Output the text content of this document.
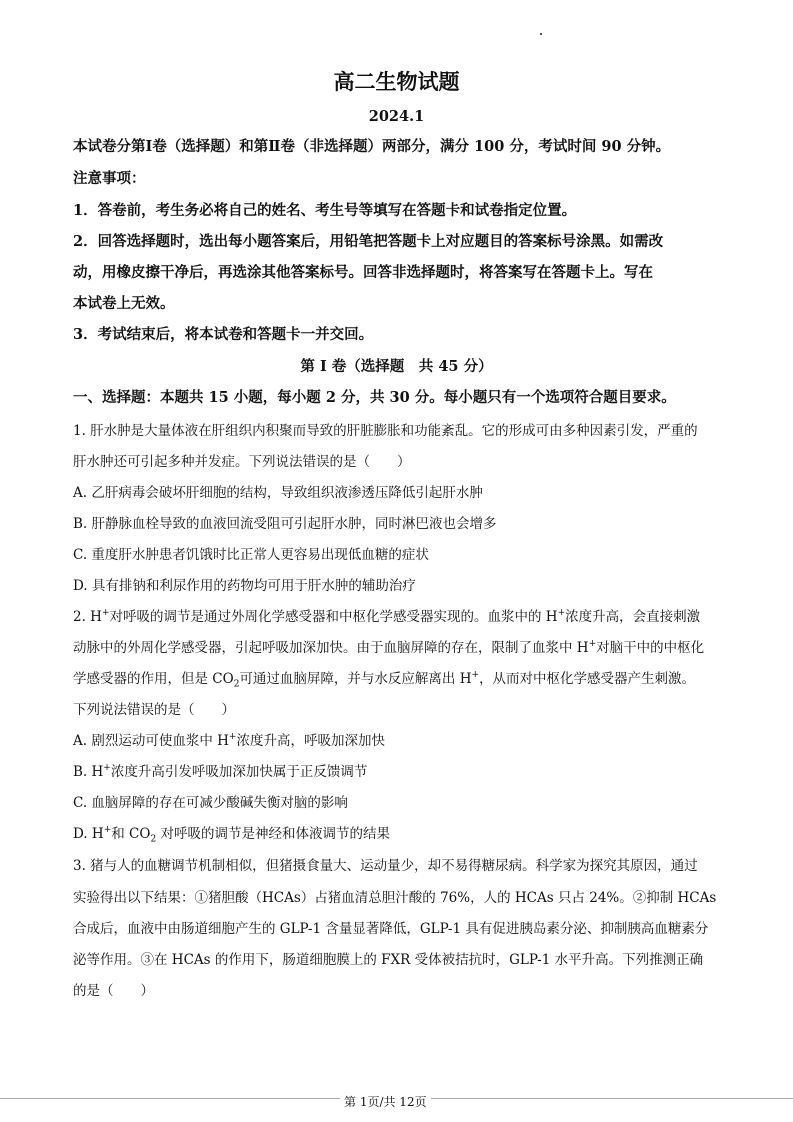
高二生物试题
2024.1
本试卷分第Ⅰ卷（选择题）和第Ⅱ卷（非选择题）两部分，满分 100 分，考试时间 90 分钟。
注意事项：
1．答卷前，考生务必将自己的姓名、考生号等填写在答题卡和试卷指定位置。
2．回答选择题时，选出每小题答案后，用铅笔把答题卡上对应题目的答案标号涂黑。如需改
动，用橡皮擦干净后，再选涂其他答案标号。回答非选择题时，将答案写在答题卡上。写在
本试卷上无效。
3．考试结束后，将本试卷和答题卡一并交回。
第 I 卷（选择题　共 45 分）
一、选择题：本题共 15 小题，每小题 2 分，共 30 分。每小题只有一个选项符合题目要求。
1. 肝水肿是大量体液在肝组织内积聚而导致的肝脏膨胀和功能紊乱。它的形成可由多种因素引发，严重的
肝水肿还可引起多种并发症。下列说法错误的是（　　）
A. 乙肝病毒会破坏肝细胞的结构，导致组织液渗透压降低引起肝水肿
B. 肝静脉血栓导致的血液回流受阻可引起肝水肿，同时淋巴液也会增多
C. 重度肝水肿患者饥饿时比正常人更容易出现低血糖的症状
D. 具有排钠和利尿作用的药物均可用于肝水肿的辅助治疗
2. H+对呼吸的调节是通过外周化学感受器和中枢化学感受器实现的。血浆中的 H+浓度升高，会直接刺激
动脉中的外周化学感受器，引起呼吸加深加快。由于血脑屏障的存在，限制了血浆中 H+对脑干中的中枢化
学感受器的作用，但是 $CO_2$可通过血脑屏障，并与水反应解离出 H+，从而对中枢化学感受器产生刺激。
下列说法错误的是（　　）
A. 剧烈运动可使血浆中 H+浓度升高，呼吸加深加快
B. H+浓度升高引发呼吸加深加快属于正反馈调节
C. 血脑屏障的存在可减少酸碱失衡对脑的影响
D. H+和 $CO_2$ 对呼吸的调节是神经和体液调节的结果
3. 猪与人的血糖调节机制相似，但猪摄食量大、运动量少，却不易得糖尿病。科学家为探究其原因，通过
实验得出以下结果：①猪胆酸（HCAs）占猪血清总胆汁酸的 76%，人的 HCAs 只占 24%。②抑制 HCAs
合成后，血液中由肠道细胞产生的 GLP-1 含量显著降低，GLP-1 具有促进胰岛素分泌、抑制胰高血糖素分
泌等作用。③在 HCAs 的作用下，肠道细胞膜上的 FXR 受体被拮抗时，GLP-1 水平升高。下列推测正确
的是（　　）
第 1页/共 12页
